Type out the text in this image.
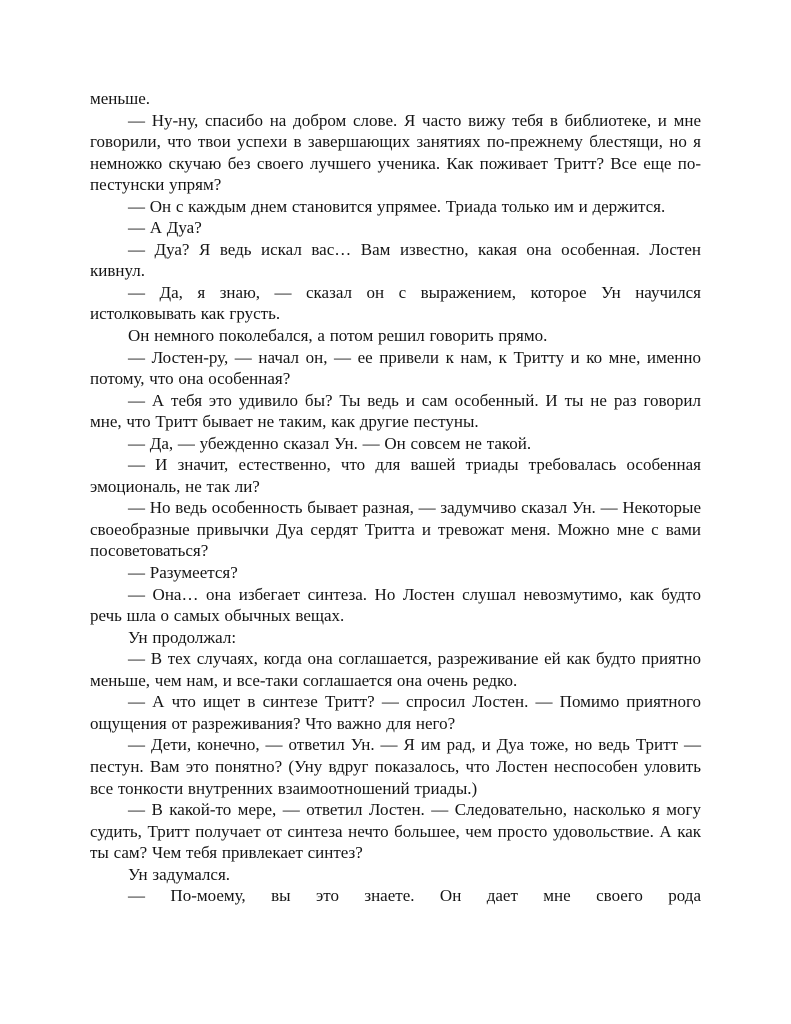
меньше.

— Ну-ну, спасибо на добром слове. Я часто вижу тебя в библиотеке, и мне говорили, что твои успехи в завершающих занятиях по-прежнему блестящи, но я немножко скучаю без своего лучшего ученика. Как поживает Тритт? Все еще по-пестунски упрям?

— Он с каждым днем становится упрямее. Триада только им и держится.

— А Дуа?

— Дуа? Я ведь искал вас… Вам известно, какая она особенная. Лостен кивнул.

— Да, я знаю, — сказал он с выражением, которое Ун научился истолковывать как грусть.

Он немного поколебался, а потом решил говорить прямо.

— Лостен-ру, — начал он, — ее привели к нам, к Тритту и ко мне, именно потому, что она особенная?

— А тебя это удивило бы? Ты ведь и сам особенный. И ты не раз говорил мне, что Тритт бывает не таким, как другие пестуны.

— Да, — убежденно сказал Ун. — Он совсем не такой.

— И значит, естественно, что для вашей триады требовалась особенная эмоциональ, не так ли?

— Но ведь особенность бывает разная, — задумчиво сказал Ун. — Некоторые своеобразные привычки Дуа сердят Тритта и тревожат меня. Можно мне с вами посоветоваться?

— Разумеется?

— Она… она избегает синтеза. Но Лостен слушал невозмутимо, как будто речь шла о самых обычных вещах.

Ун продолжал:

— В тех случаях, когда она соглашается, разреживание ей как будто приятно меньше, чем нам, и все-таки соглашается она очень редко.

— А что ищет в синтезе Тритт? — спросил Лостен. — Помимо приятного ощущения от разреживания? Что важно для него?

— Дети, конечно, — ответил Ун. — Я им рад, и Дуа тоже, но ведь Тритт — пестун. Вам это понятно? (Уну вдруг показалось, что Лостен неспособен уловить все тонкости внутренних взаимоотношений триады.)

— В какой-то мере, — ответил Лостен. — Следовательно, насколько я могу судить, Тритт получает от синтеза нечто большее, чем просто удовольствие. А как ты сам? Чем тебя привлекает синтез?

Ун задумался.

— По-моему, вы это знаете. Он дает мне своего рода
